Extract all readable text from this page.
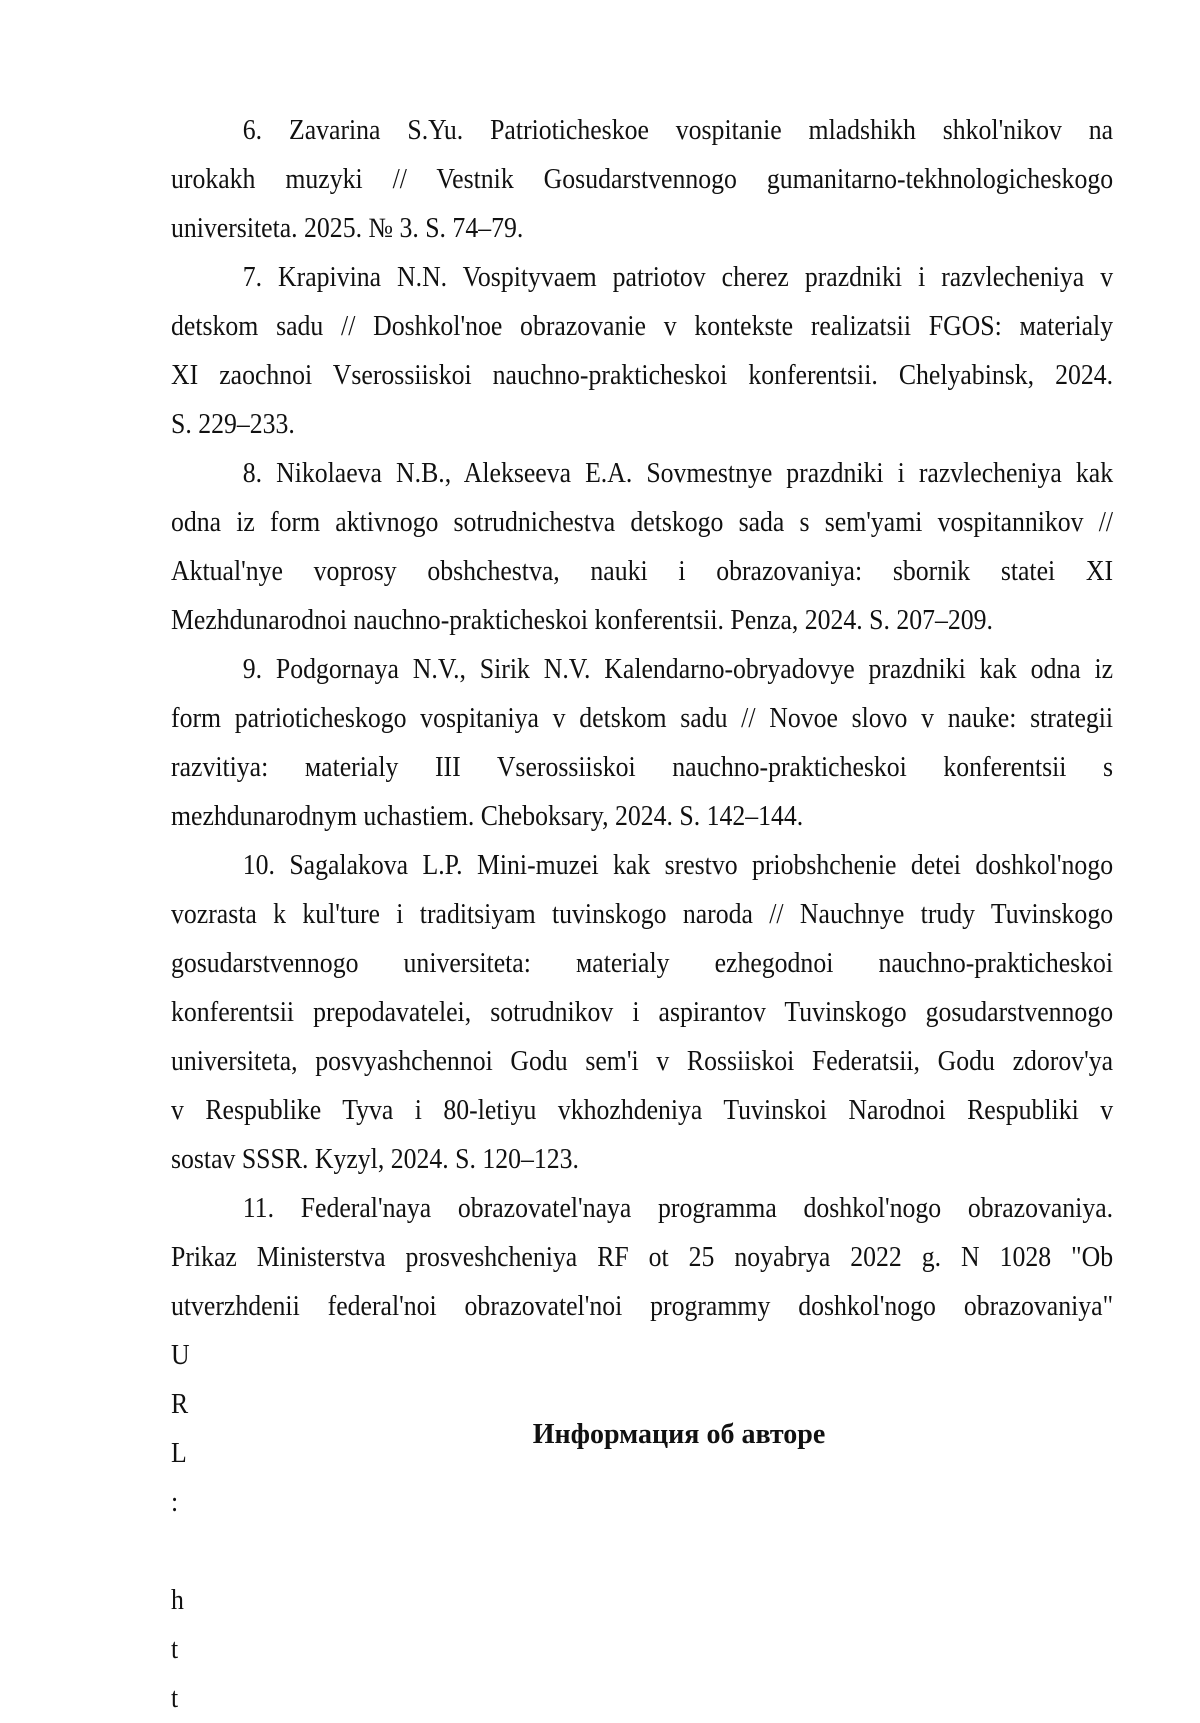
6. Zavarina S.Yu. Patrioticheskoe vospitanie mladshikh shkol'nikov na
urokakh muzyki // Vestnik Gosudarstvennogo gumanitarno-tekhnologicheskogo
universiteta. 2025. № 3. S. 74–79.
7. Krapivina N.N. Vospityvaem patriotov cherez prazdniki i razvlecheniya v
detskom sadu // Doshkol'noe obrazovanie v kontekste realizatsii FGOS: мaterialy
XI zaochnoi Vserossiiskoi nauchno-prakticheskoi konferentsii. Chelyabinsk, 2024.
S. 229–233.
8. Nikolaeva N.B., Alekseeva E.A. Sovmestnye prazdniki i razvlecheniya kak
odna iz form aktivnogo sotrudnichestva detskogo sada s sem'yami vospitannikov //
Aktual'nye voprosy obshchestva, nauki i obrazovaniya: sbornik statei XI
Mezhdunarodnoi nauchno-prakticheskoi konferentsii. Penza, 2024. S. 207–209.
9. Podgornaya N.V., Sirik N.V. Kalendarno-obryadovye prazdniki kak odna iz
form patrioticheskogo vospitaniya v detskom sadu // Novoe slovo v nauke: strategii
razvitiya: мaterialy III Vserossiiskoi nauchno-prakticheskoi konferentsii s
mezhdunarodnym uchastiem. Cheboksary, 2024. S. 142–144.
10. Sagalakova L.P. Mini-muzei kak srestvo priobshchenie detei doshkol'nogo
vozrasta k kul'ture i traditsiyam tuvinskogo naroda // Nauchnye trudy Tuvinskogo
gosudarstvennogo universiteta: мaterialy ezhegodnoi nauchno-prakticheskoi
konferentsii prepodavatelei, sotrudnikov i aspirantov Tuvinskogo gosudarstvennogo
universiteta, posvyashchennoi Godu sem'i v Rossiiskoi Federatsii, Godu zdorov'ya
v Respublike Tyva i 80-letiyu vkhozhdeniya Tuvinskoi Narodnoi Respubliki v
sostav SSSR. Kyzyl, 2024. S. 120–123.
11. Federal'naya obrazovatel'naya programma doshkol'nogo obrazovaniya.
Prikaz Ministerstva prosveshcheniya RF ot 25 noyabrya 2022 g. N 1028 "Ob
utverzhdenii federal'noi obrazovatel'noi programmy doshkol'nogo obrazovaniya"
U
R
L
:
h
t
t
Информация об авторе
